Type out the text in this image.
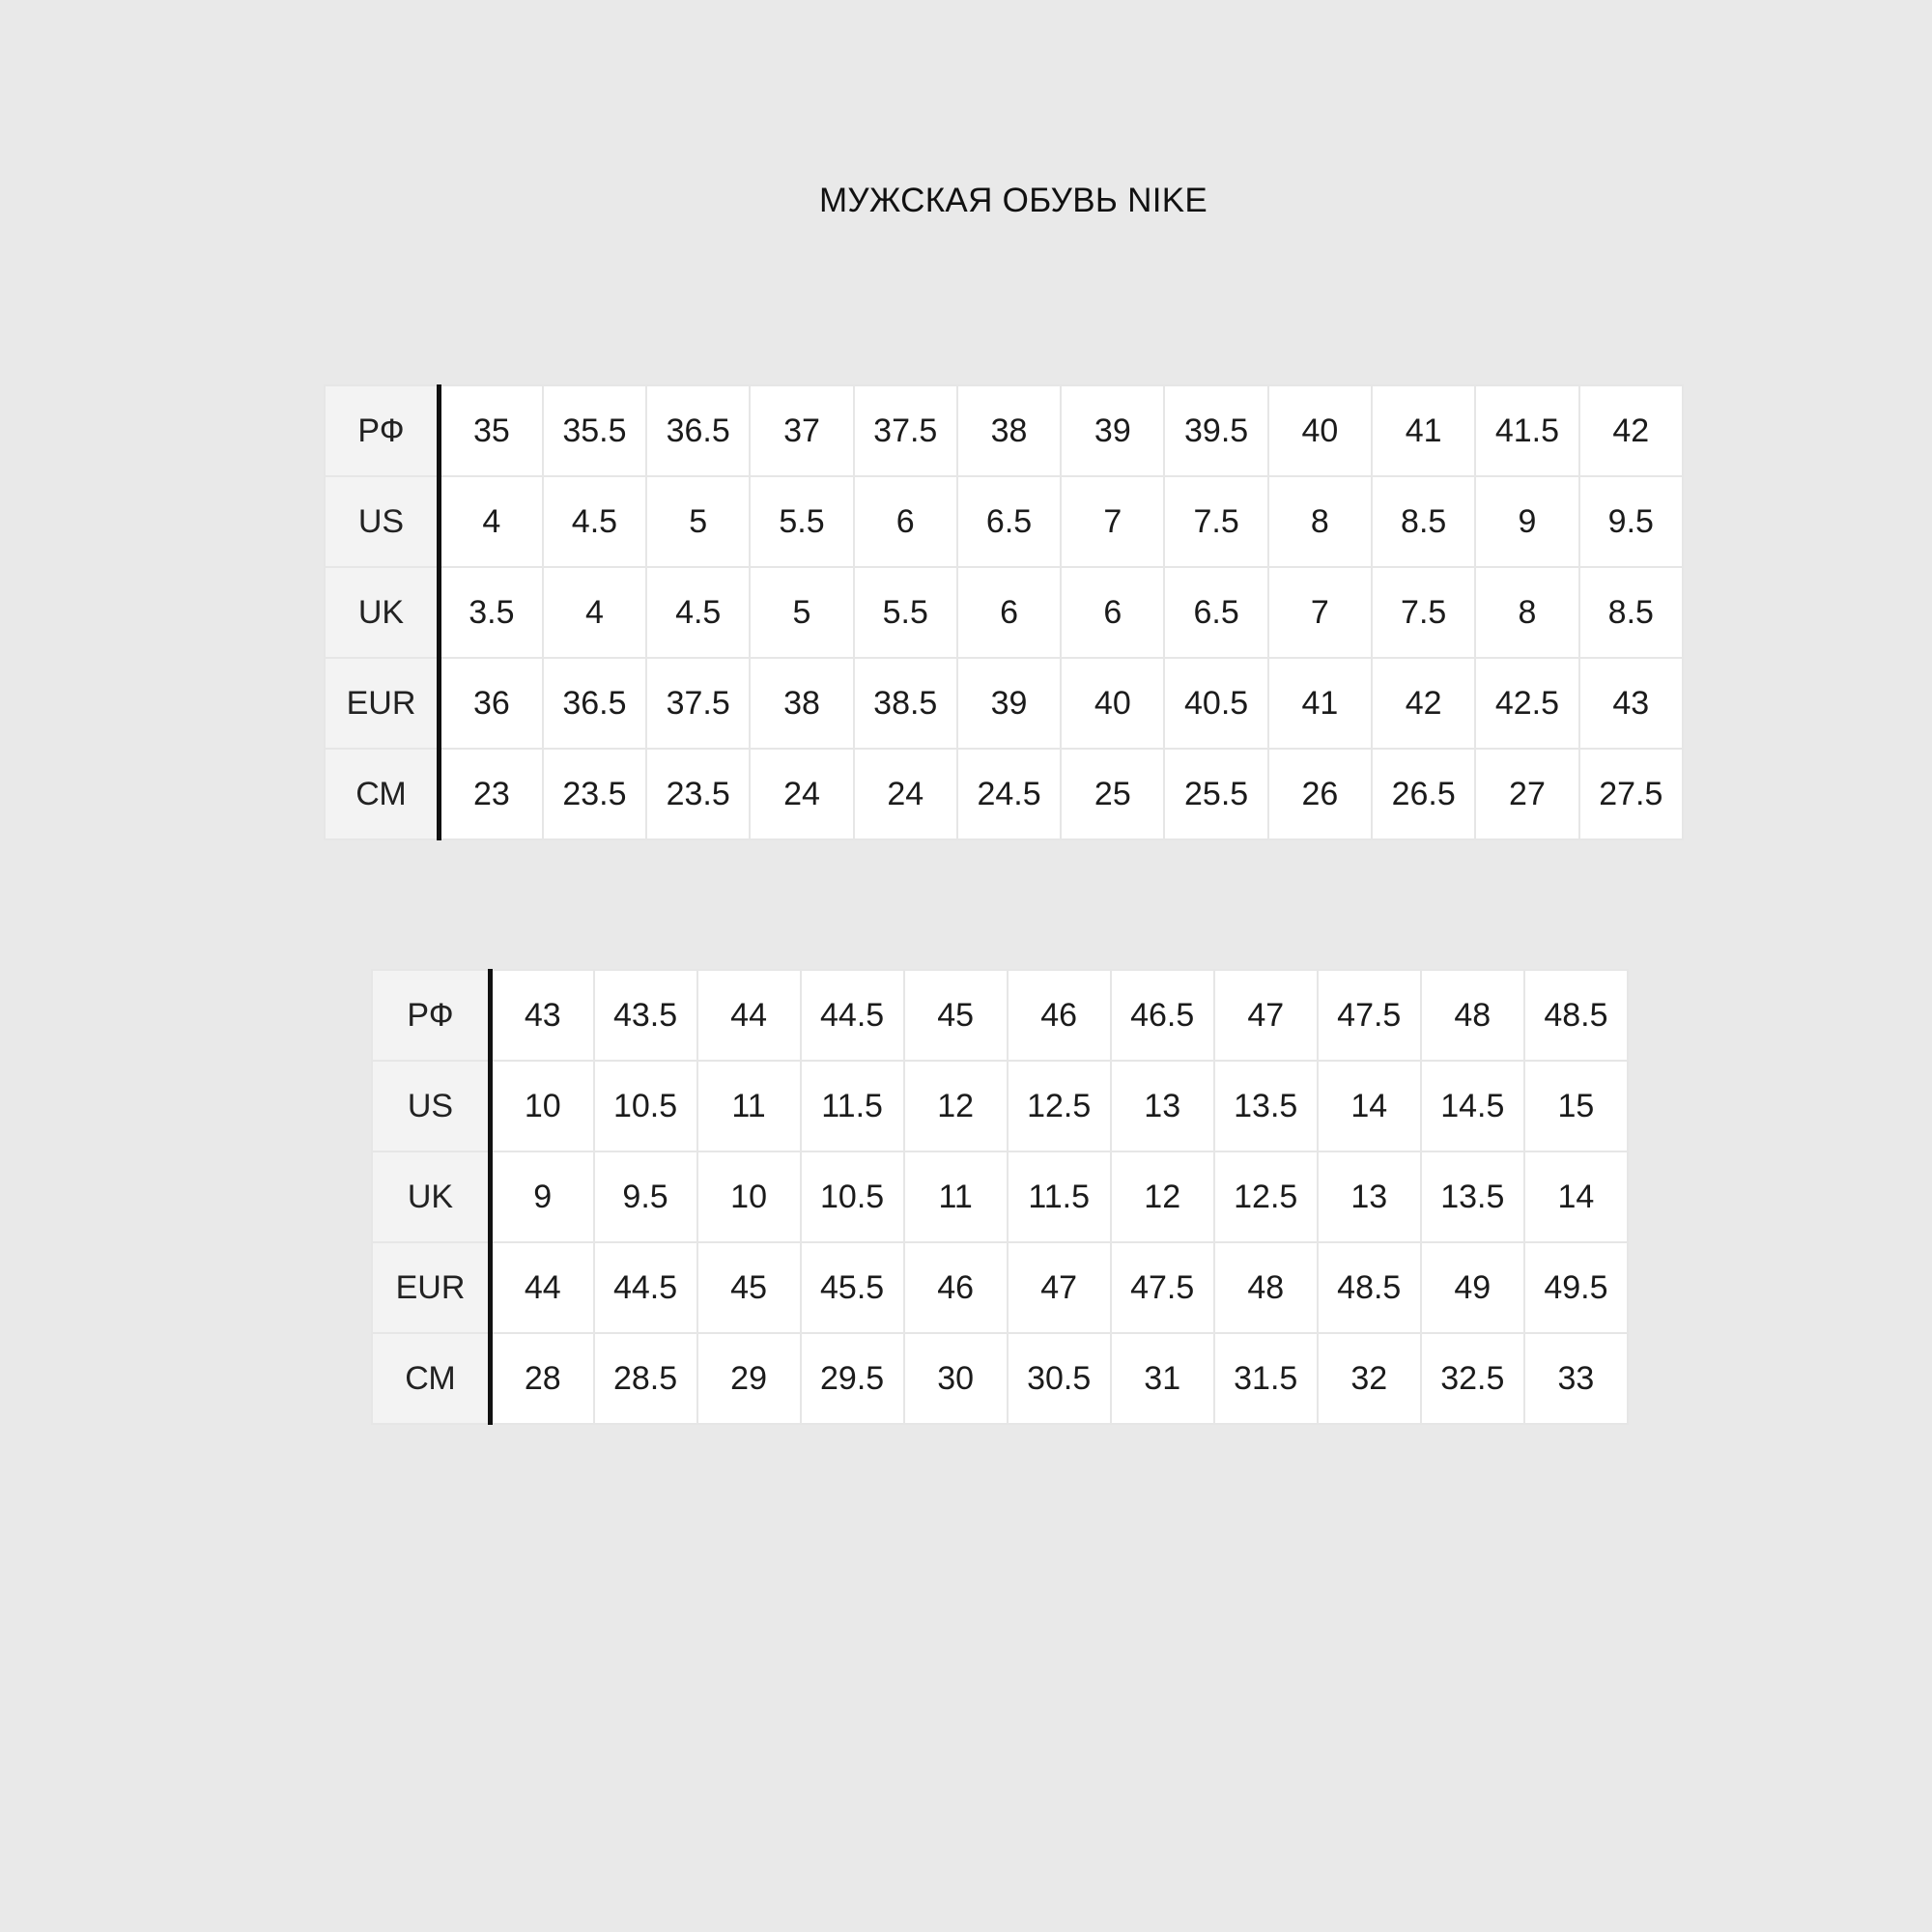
МУЖСКАЯ ОБУВЬ NIKE
РФ	35	35.5	36.5	37	37.5	38	39	39.5	40	41	41.5	42
US	4	4.5	5	5.5	6	6.5	7	7.5	8	8.5	9	9.5
UK	3.5	4	4.5	5	5.5	6	6	6.5	7	7.5	8	8.5
EUR	36	36.5	37.5	38	38.5	39	40	40.5	41	42	42.5	43
СМ	23	23.5	23.5	24	24	24.5	25	25.5	26	26.5	27	27.5
РФ	43	43.5	44	44.5	45	46	46.5	47	47.5	48	48.5
US	10	10.5	11	11.5	12	12.5	13	13.5	14	14.5	15
UK	9	9.5	10	10.5	11	11.5	12	12.5	13	13.5	14
EUR	44	44.5	45	45.5	46	47	47.5	48	48.5	49	49.5
СМ	28	28.5	29	29.5	30	30.5	31	31.5	32	32.5	33
